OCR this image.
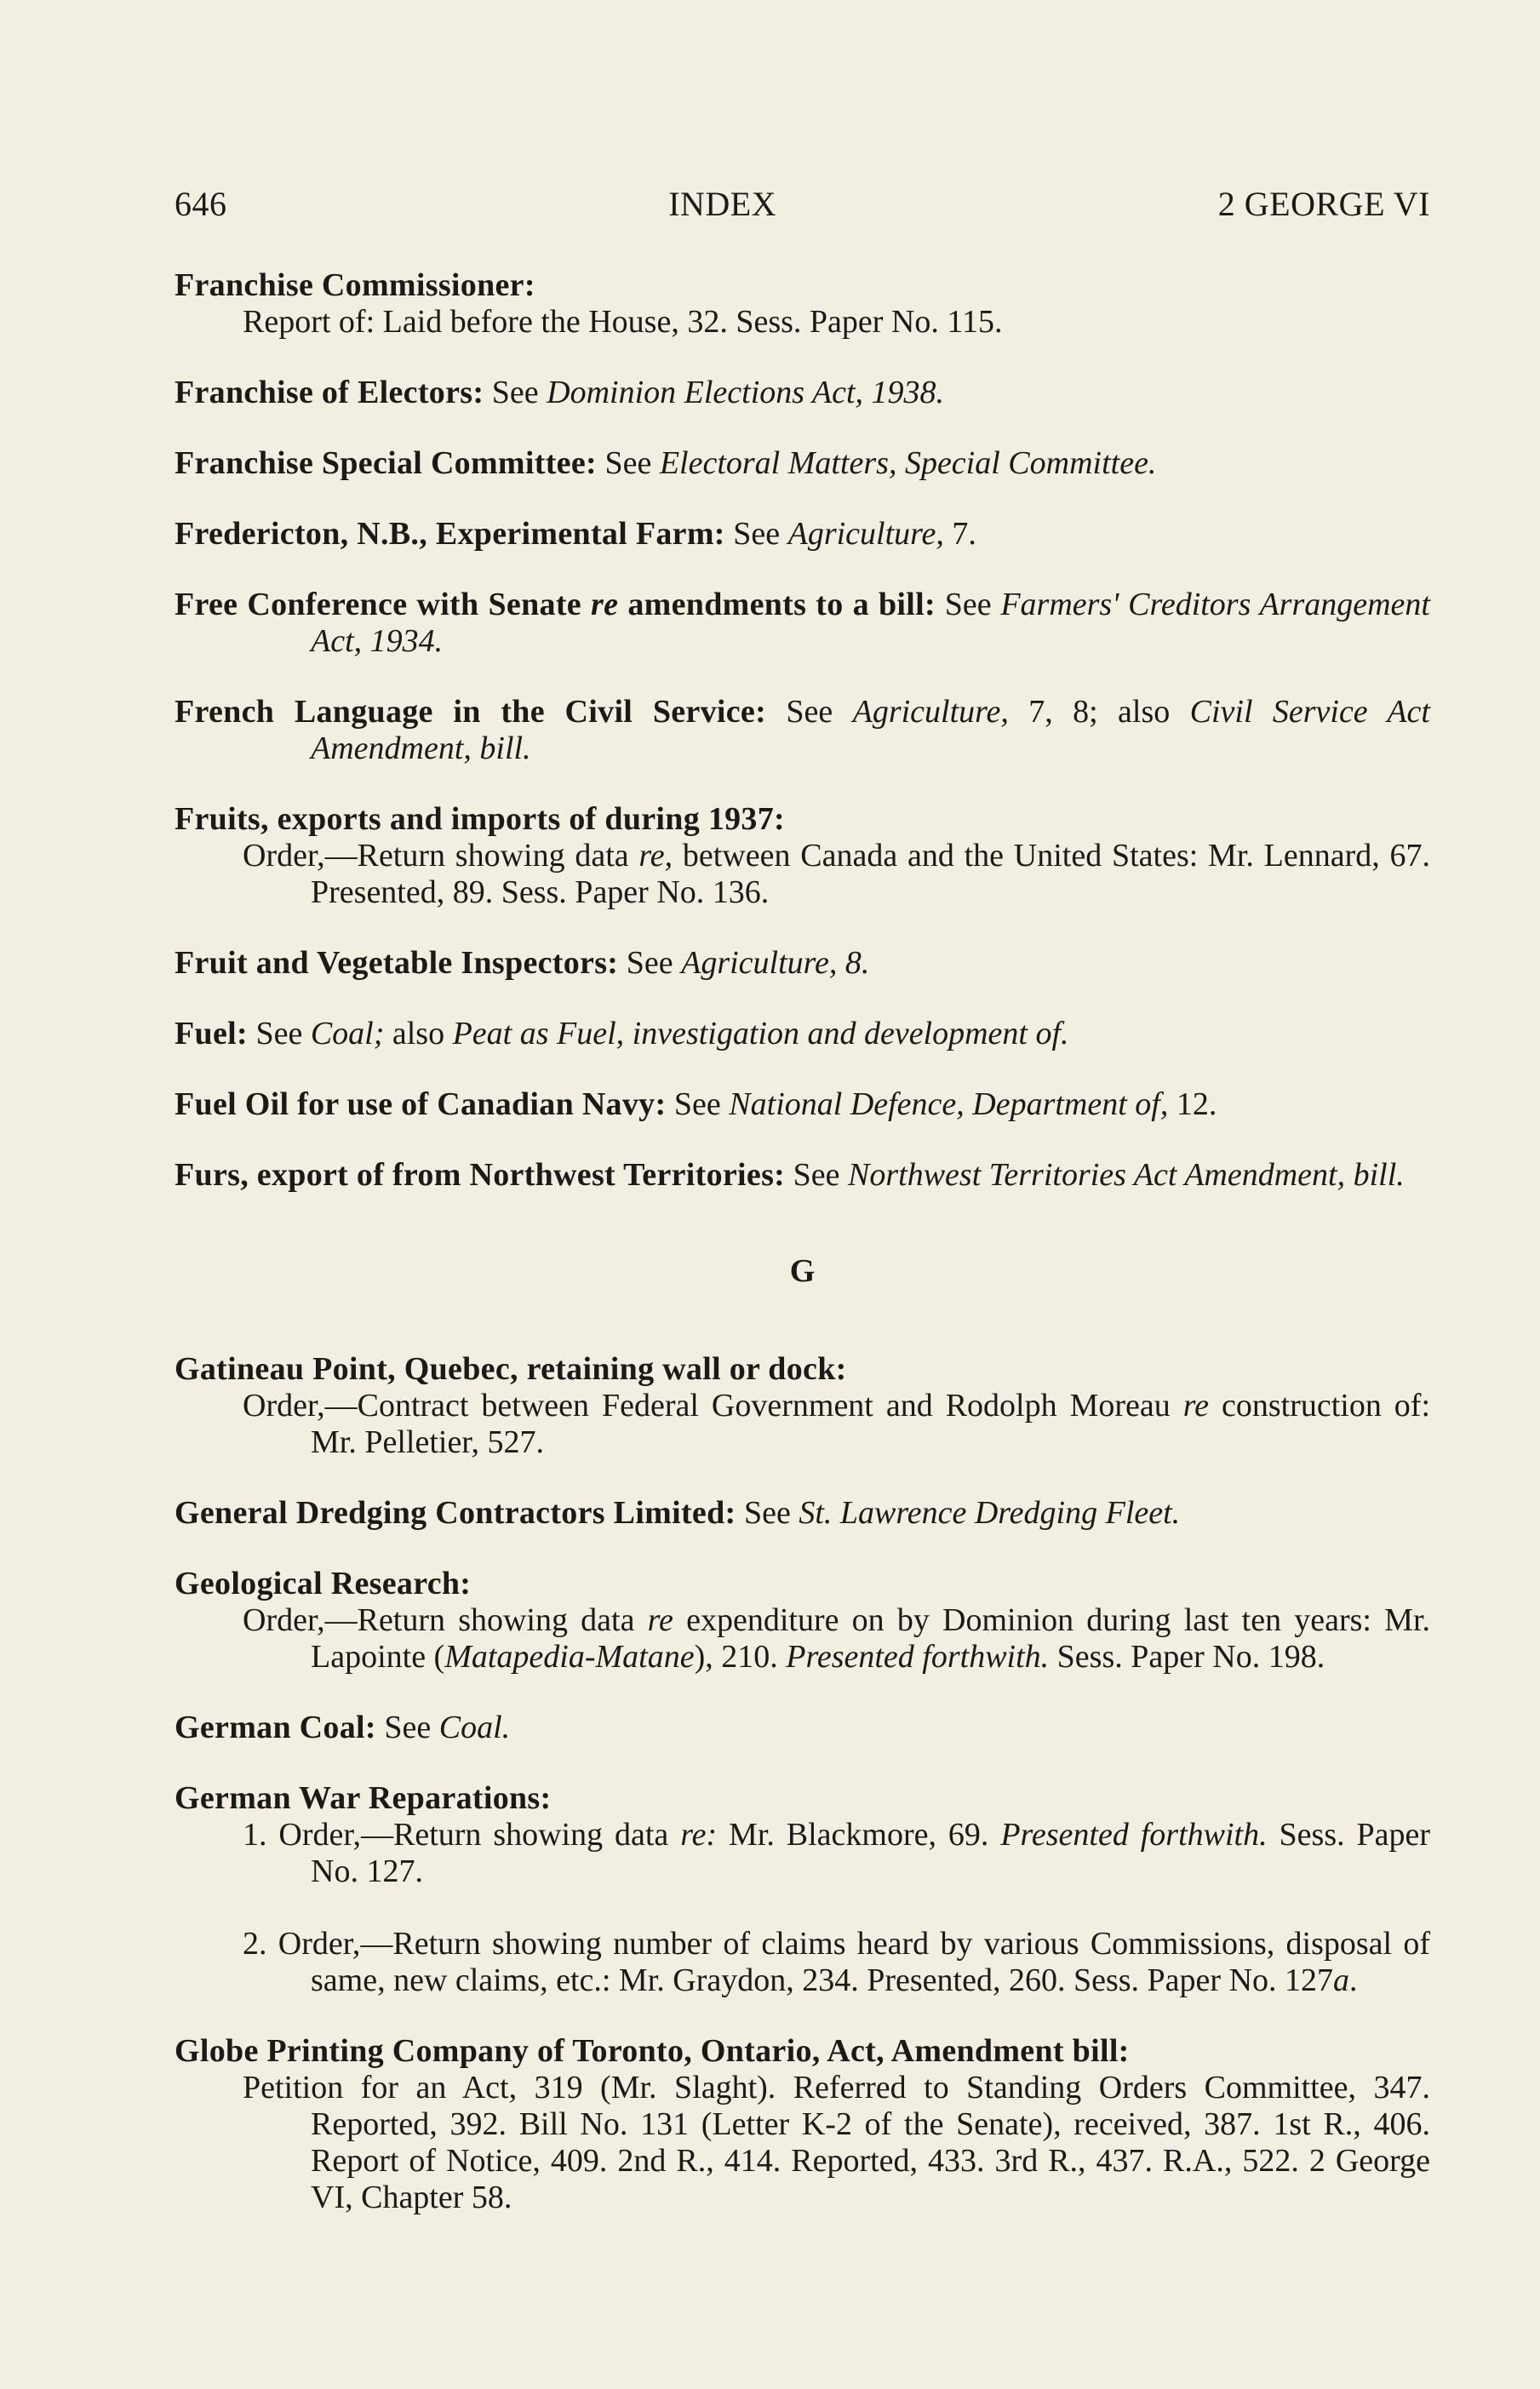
646	INDEX	2 GEORGE VI

Franchise Commissioner:

Report of: Laid before the House, 32. Sess. Paper No. 115.

Franchise of Electors: See Dominion Elections Act, 1938.

Franchise Special Committee: See Electoral Matters, Special Committee.

Fredericton, N.B., Experimental Farm: See Agriculture, 7.

Free Conference with Senate re amendments to a bill: See Farmers' Creditors Arrangement Act, 1934.

French Language in the Civil Service: See Agriculture, 7, 8; also Civil Service Act Amendment, bill.

Fruits, exports and imports of during 1937:

Order,—Return showing data re, between Canada and the United States: Mr. Lennard, 67. Presented, 89. Sess. Paper No. 136.

Fruit and Vegetable Inspectors: See Agriculture, 8.

Fuel: See Coal; also Peat as Fuel, investigation and development of.

Fuel Oil for use of Canadian Navy: See National Defence, Department of, 12.

Furs, export of from Northwest Territories: See Northwest Territories Act Amendment, bill.

G

Gatineau Point, Quebec, retaining wall or dock:

Order,—Contract between Federal Government and Rodolph Moreau re construction of: Mr. Pelletier, 527.

General Dredging Contractors Limited: See St. Lawrence Dredging Fleet.

Geological Research:

Order,—Return showing data re expenditure on by Dominion during last ten years: Mr. Lapointe (Matapedia-Matane), 210. Presented forthwith. Sess. Paper No. 198.

German Coal: See Coal.

German War Reparations:

1. Order,—Return showing data re: Mr. Blackmore, 69. Presented forthwith. Sess. Paper No. 127.

2. Order,—Return showing number of claims heard by various Commissions, disposal of same, new claims, etc.: Mr. Graydon, 234. Presented, 260. Sess. Paper No. 127a.

Globe Printing Company of Toronto, Ontario, Act, Amendment bill:

Petition for an Act, 319 (Mr. Slaght). Referred to Standing Orders Committee, 347. Reported, 392. Bill No. 131 (Letter K-2 of the Senate), received, 387. 1st R., 406. Report of Notice, 409. 2nd R., 414. Reported, 433. 3rd R., 437. R.A., 522. 2 George VI, Chapter 58.
